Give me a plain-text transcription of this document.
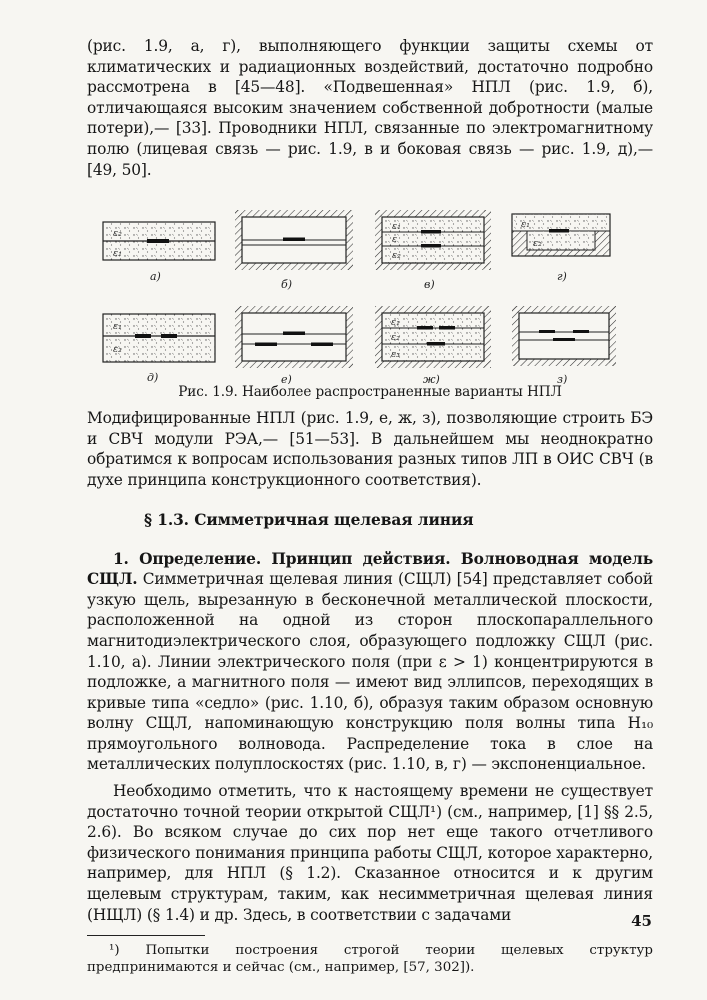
(рис. 1.9, а, г), выполняющего функции защиты схемы от климатических и радиационных воздействий, достаточно подробно рассмотрена в [45—48]. «Подвешенная» НПЛ (рис. 1.9, б), отличающаяся высоким значением собственной добротности (малые потери),— [33]. Проводники НПЛ, связанные по электромагнитному полю (лицевая связь — рис. 1.9, в и боковая связь — рис. 1.9, д),— [49, 50].

ε₂
ε₁
а)
б)
ε₁
ε
ε₂
в)
ε₁
ε₂
г)
ε₁
ε₂
д)	е)
ε₁
ε₂
ε₃
ж)	з)

Рис. 1.9. Наиболее распространенные варианты НПЛ

Модифицированные НПЛ (рис. 1.9, е, ж, з), позволяющие строить БЭ и СВЧ модули РЭА,— [51—53]. В дальнейшем мы неоднократно обратимся к вопросам использования разных типов ЛП в ОИС СВЧ (в духе принципа конструкционного соответствия).

§ 1.3. Симметричная щелевая линия

1. Определение. Принцип действия. Волноводная модель СЩЛ. Симметричная щелевая линия (СЩЛ) [54] представляет собой узкую щель, вырезанную в бесконечной металлической плоскости, расположенной на одной из сторон плоскопараллельного магнитодиэлектрического слоя, образующего подложку СЩЛ (рис. 1.10, а). Линии электрического поля (при ε > 1) концентрируются в подложке, а магнитного поля — имеют вид эллипсов, переходящих в кривые типа «седло» (рис. 1.10, б), образуя таким образом основную волну СЩЛ, напоминающую конструкцию поля волны типа H₁₀ прямоугольного волновода. Распределение тока в слое на металлических полуплоскостях (рис. 1.10, в, г) — экспоненциальное.

Необходимо отметить, что к настоящему времени не существует достаточно точной теории открытой СЩЛ¹) (см., например, [1] §§ 2.5, 2.6). Во всяком случае до сих пор нет еще такого отчетливого физического понимания принципа работы СЩЛ, которое характерно, например, для НПЛ (§ 1.2). Сказанное относится и к другим щелевым структурам, таким, как несимметричная щелевая линия (НЩЛ) (§ 1.4) и др. Здесь, в соответствии с задачами

¹) Попытки построения строгой теории щелевых структур предпринимаются и сейчас (см., например, [57, 302]).

45
